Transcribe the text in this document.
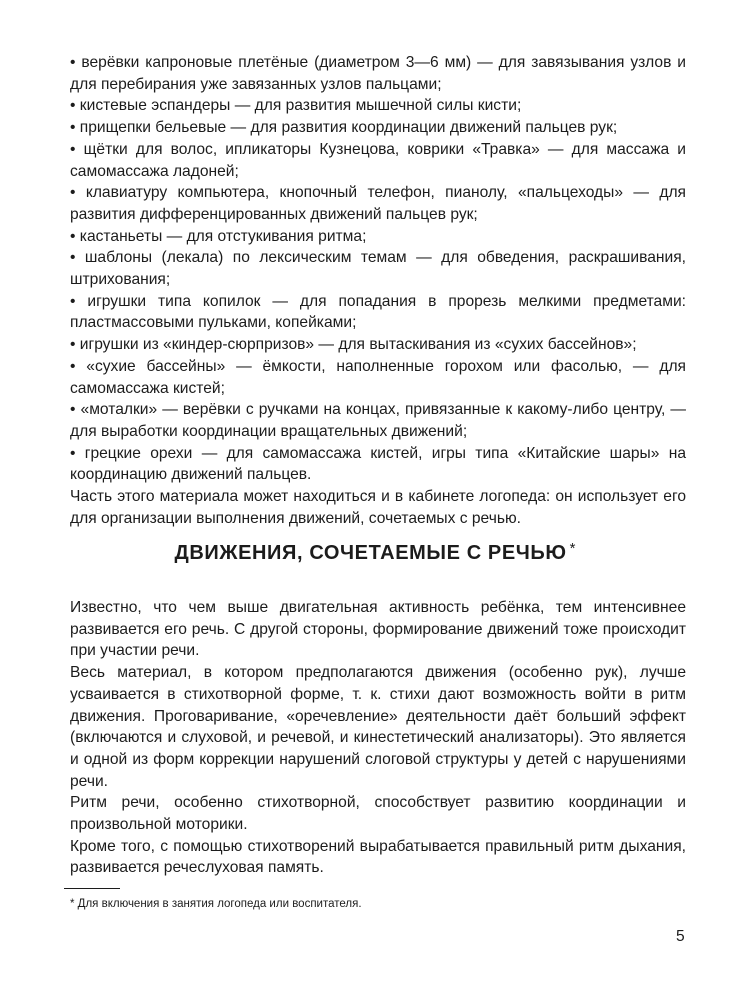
• верёвки капроновые плетёные (диаметром 3—6 мм) — для завязывания узлов и для перебирания уже завязанных узлов пальцами;

• кистевые эспандеры — для развития мышечной силы кисти;

• прищепки бельевые — для развития координации движений пальцев рук;

• щётки для волос, ипликаторы Кузнецова, коврики «Травка» — для массажа и самомассажа ладоней;

• клавиатуру компьютера, кнопочный телефон, пианолу, «пальцеходы» — для развития дифференцированных движений пальцев рук;

• кастаньеты — для отстукивания ритма;

• шаблоны (лекала) по лексическим темам — для обведения, раскрашивания, штрихования;

• игрушки типа копилок — для попадания в прорезь мелкими предметами: пластмассовыми пульками, копейками;

• игрушки из «киндер-сюрпризов» — для вытаскивания из «сухих бассейнов»;

• «сухие бассейны» — ёмкости, наполненные горохом или фасолью, — для самомассажа кистей;

• «моталки» — верёвки с ручками на концах, привязанные к какому-либо центру, — для выработки координации вращательных движений;

• грецкие орехи — для самомассажа кистей, игры типа «Китайские шары» на координацию движений пальцев.

Часть этого материала может находиться и в кабинете логопеда: он использует его для организации выполнения движений, сочетаемых с речью.

ДВИЖЕНИЯ, СОЧЕТАЕМЫЕ С РЕЧЬЮ *

Известно, что чем выше двигательная активность ребёнка, тем интенсивнее развивается его речь. С другой стороны, формирование движений тоже происходит при участии речи.

Весь материал, в котором предполагаются движения (особенно рук), лучше усваивается в стихотворной форме, т. к. стихи дают возможность войти в ритм движения. Проговаривание, «оречевление» деятельности даёт больший эффект (включаются и слуховой, и речевой, и кинестетический анализаторы). Это является и одной из форм коррекции нарушений слоговой структуры у детей с нарушениями речи.

Ритм речи, особенно стихотворной, способствует развитию координации и произвольной моторики.

Кроме того, с помощью стихотворений вырабатывается правильный ритм дыхания, развивается речеслуховая память.

* Для включения в занятия логопеда или воспитателя.
5
